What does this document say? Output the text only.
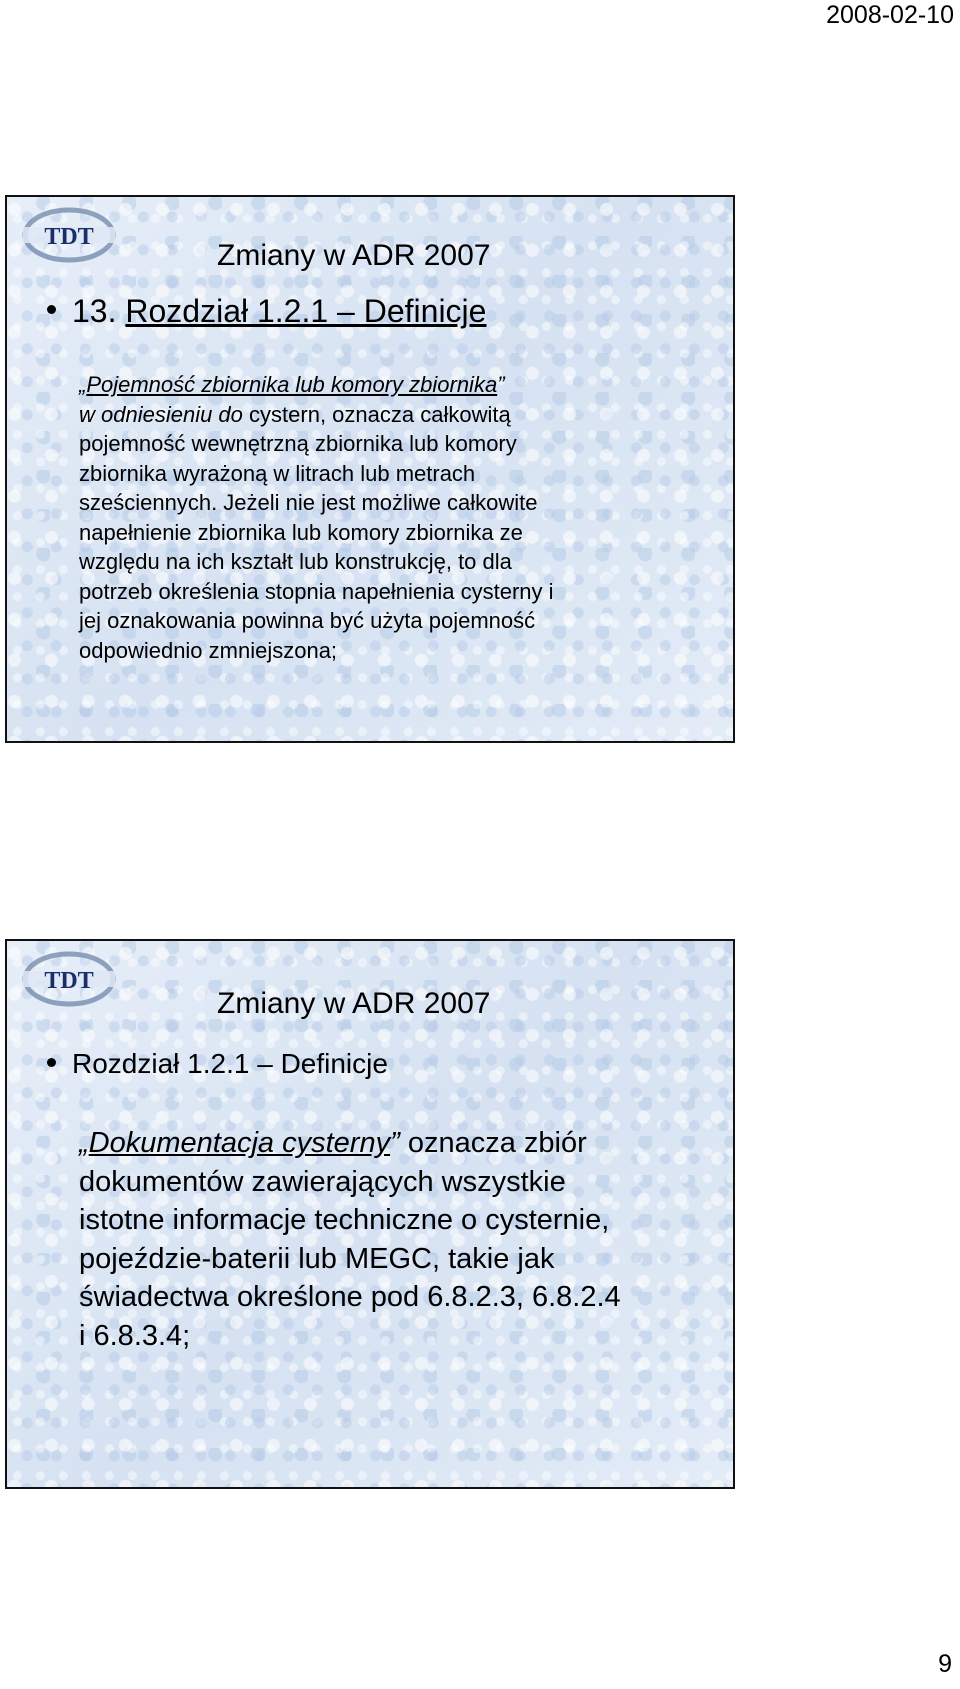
2008-02-10
TDT
Zmiany w ADR 2007
13.
Rozdział 1.2.1 – Definicje
„Pojemność zbiornika lub komory zbiornika”
w odniesieniu do cystern, oznacza całkowitą
pojemność wewnętrzną zbiornika lub komory
zbiornika wyrażoną w litrach lub metrach
sześciennych. Jeżeli nie jest możliwe całkowite
napełnienie zbiornika lub komory zbiornika ze
względu na ich kształt lub konstrukcję, to dla
potrzeb określenia stopnia napełnienia cysterny i
jej oznakowania powinna być użyta pojemność
odpowiednio zmniejszona;
TDT
Zmiany w ADR 2007
Rozdział 1.2.1 – Definicje
„Dokumentacja cysterny” oznacza zbiór
dokumentów zawierających wszystkie
istotne informacje techniczne o cysternie,
pojeździe-baterii lub MEGC, takie jak
świadectwa określone pod 6.8.2.3, 6.8.2.4
i 6.8.3.4;
9
